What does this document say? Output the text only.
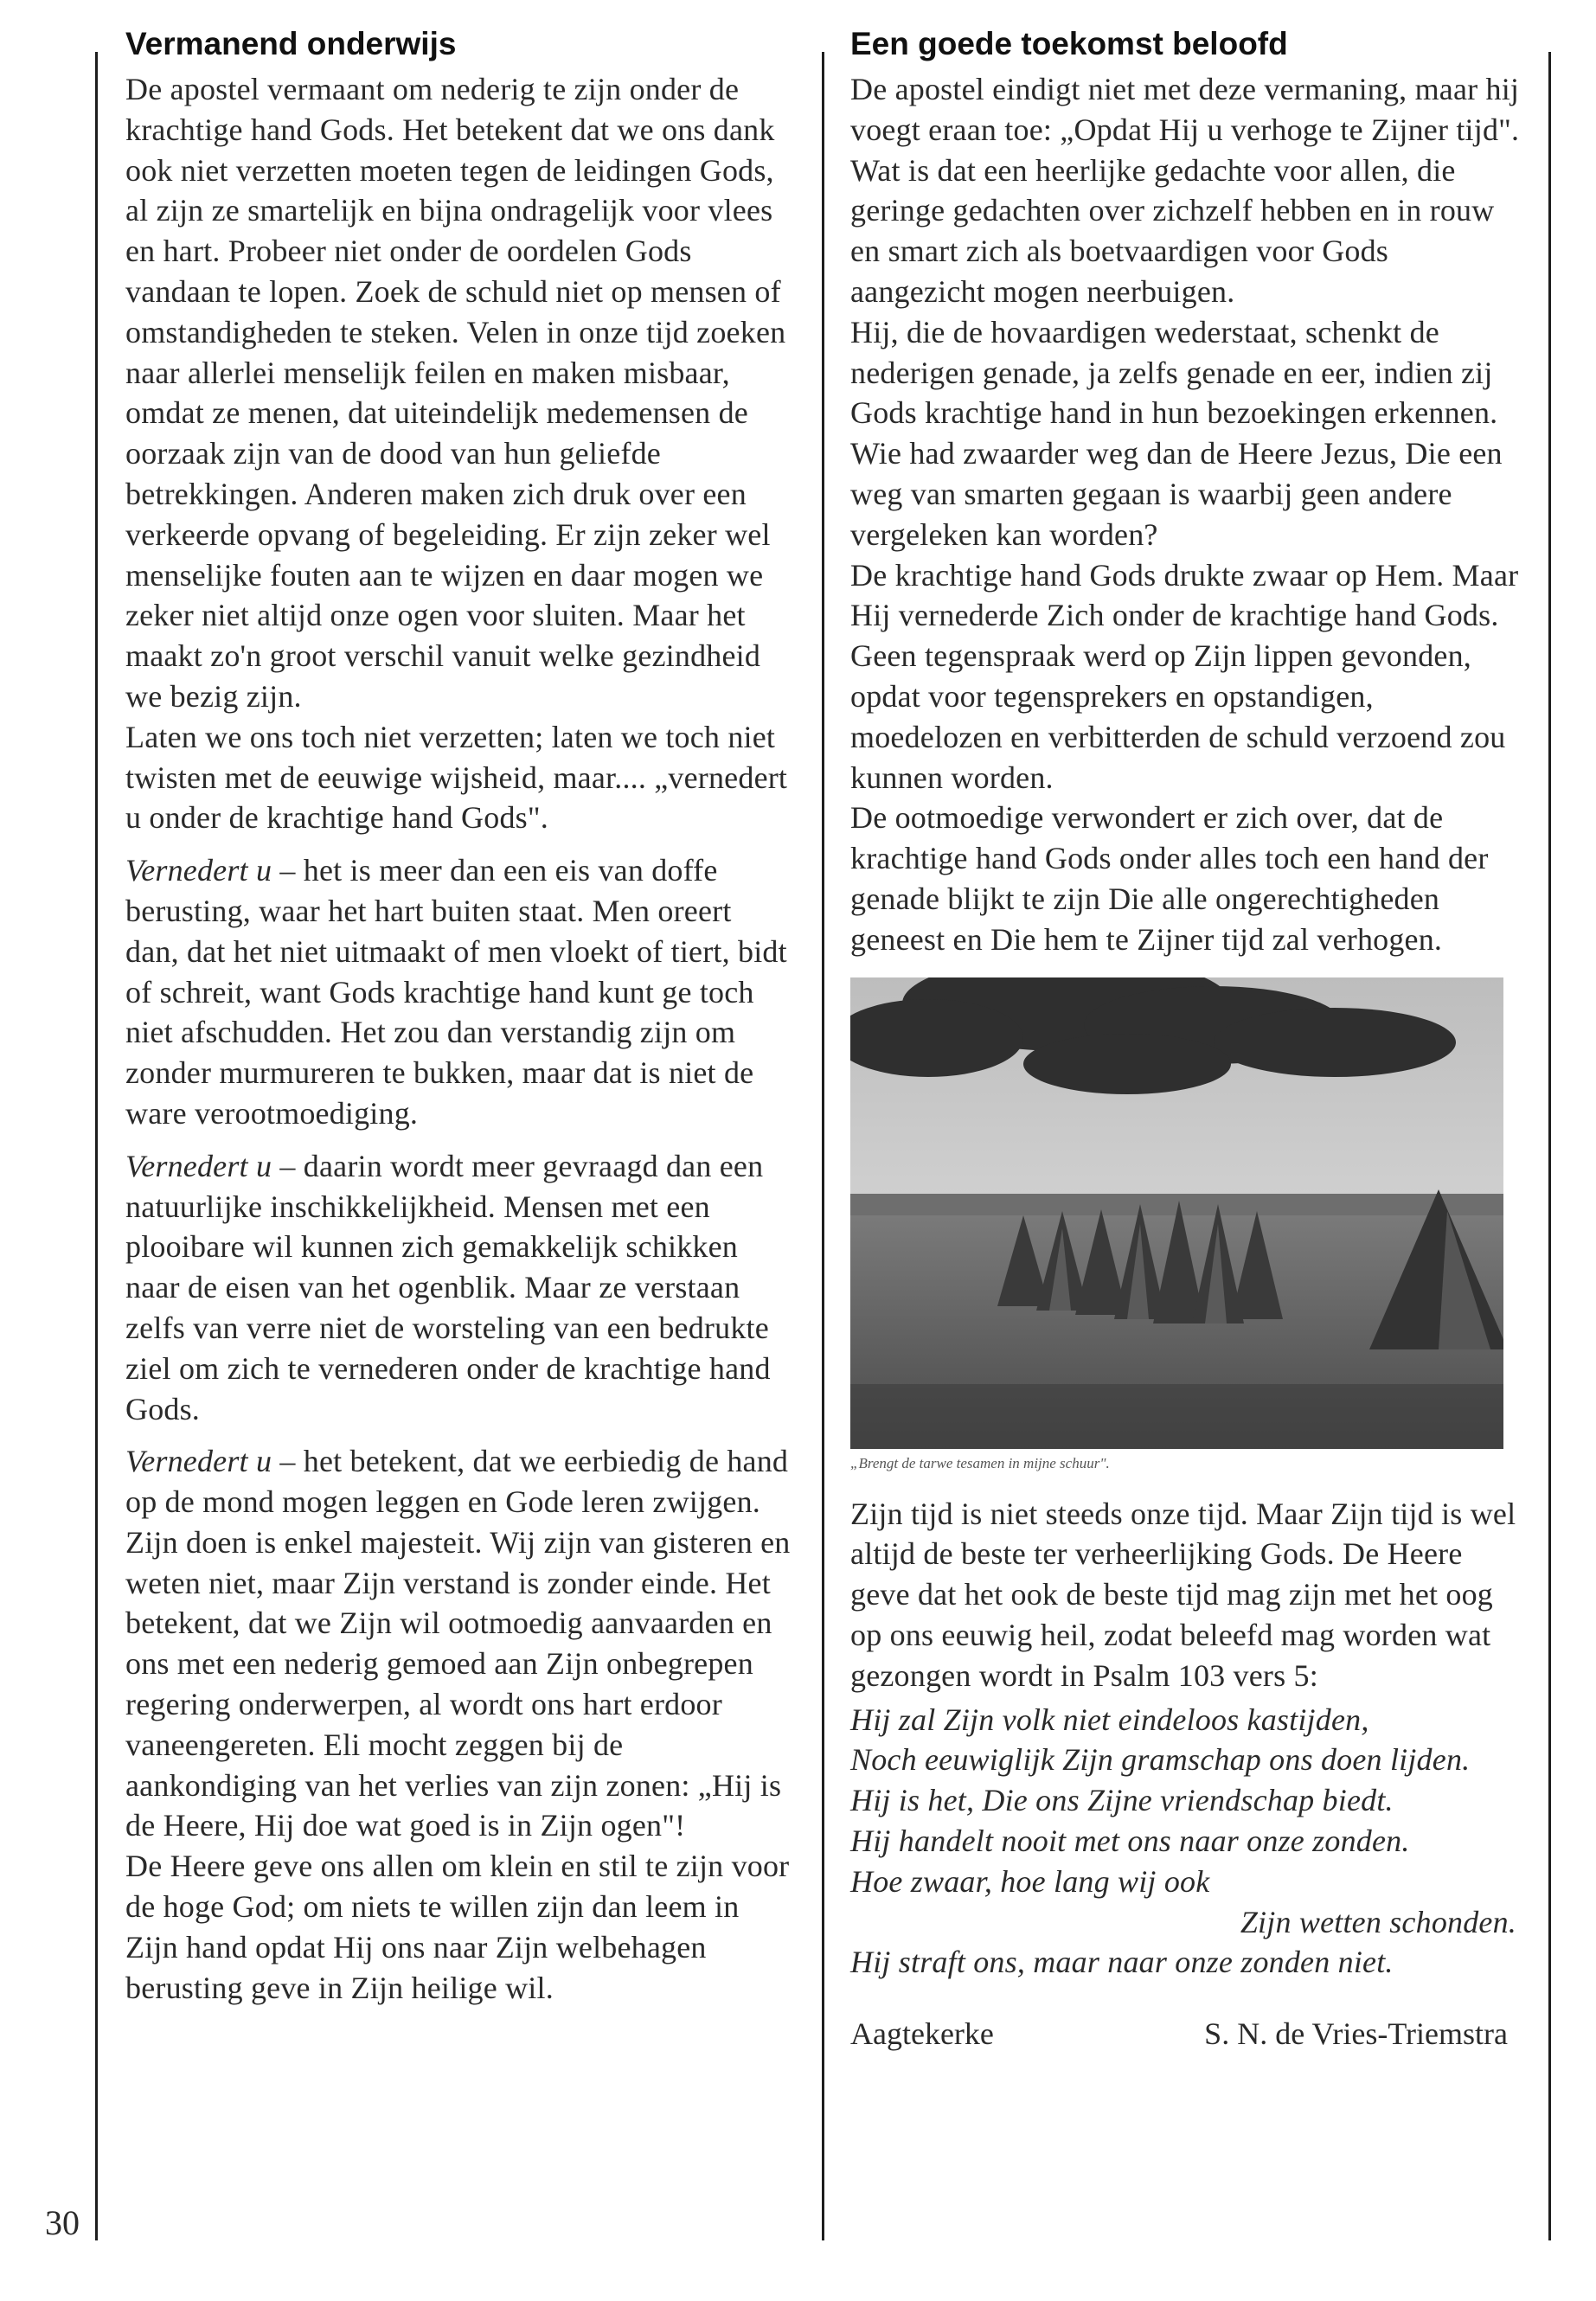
30
Vermanend onderwijs

De apostel vermaant om nederig te zijn onder de krachtige hand Gods. Het betekent dat we ons dank ook niet verzetten moeten tegen de leidingen Gods, al zijn ze smartelijk en bijna ondragelijk voor vlees en hart. Probeer niet onder de oordelen Gods vandaan te lopen. Zoek de schuld niet op mensen of omstandigheden te steken. Velen in onze tijd zoeken naar allerlei menselijk feilen en maken misbaar, omdat ze menen, dat uiteindelijk medemensen de oorzaak zijn van de dood van hun geliefde betrekkingen. Anderen maken zich druk over een verkeerde opvang of begeleiding. Er zijn zeker wel menselijke fouten aan te wijzen en daar mogen we zeker niet altijd onze ogen voor sluiten. Maar het maakt zo'n groot verschil vanuit welke gezindheid we bezig zijn.

Laten we ons toch niet verzetten; laten we toch niet twisten met de eeuwige wijsheid, maar.... „vernedert u onder de krachtige hand Gods".

Vernedert u – het is meer dan een eis van doffe berusting, waar het hart buiten staat. Men oreert dan, dat het niet uitmaakt of men vloekt of tiert, bidt of schreit, want Gods krachtige hand kunt ge toch niet afschudden. Het zou dan verstandig zijn om zonder murmureren te bukken, maar dat is niet de ware verootmoediging.

Vernedert u – daarin wordt meer gevraagd dan een natuurlijke inschikkelijkheid. Mensen met een plooibare wil kunnen zich gemakkelijk schikken naar de eisen van het ogenblik. Maar ze verstaan zelfs van verre niet de worsteling van een bedrukte ziel om zich te vernederen onder de krachtige hand Gods.

Vernedert u – het betekent, dat we eerbiedig de hand op de mond mogen leggen en Gode leren zwijgen. Zijn doen is enkel majesteit. Wij zijn van gisteren en weten niet, maar Zijn verstand is zonder einde. Het betekent, dat we Zijn wil ootmoedig aanvaarden en ons met een nederig gemoed aan Zijn onbegrepen regering onderwerpen, al wordt ons hart erdoor vaneengereten. Eli mocht zeggen bij de aankondiging van het verlies van zijn zonen: „Hij is de Heere, Hij doe wat goed is in Zijn ogen"!

De Heere geve ons allen om klein en stil te zijn voor de hoge God; om niets te willen zijn dan leem in Zijn hand opdat Hij ons naar Zijn welbehagen berusting geve in Zijn heilige wil.

Een goede toekomst beloofd

De apostel eindigt niet met deze vermaning, maar hij voegt eraan toe: „Opdat Hij u verhoge te Zijner tijd". Wat is dat een heerlijke gedachte voor allen, die geringe gedachten over zichzelf hebben en in rouw en smart zich als boetvaardigen voor Gods aangezicht mogen neerbuigen.

Hij, die de hovaardigen wederstaat, schenkt de nederigen genade, ja zelfs genade en eer, indien zij Gods krachtige hand in hun bezoekingen erkennen. Wie had zwaarder weg dan de Heere Jezus, Die een weg van smarten gegaan is waarbij geen andere vergeleken kan worden?

De krachtige hand Gods drukte zwaar op Hem. Maar Hij vernederde Zich onder de krachtige hand Gods. Geen tegenspraak werd op Zijn lippen gevonden, opdat voor tegensprekers en opstandigen, moedelozen en verbitterden de schuld verzoend zou kunnen worden.

De ootmoedige verwondert er zich over, dat de krachtige hand Gods onder alles toch een hand der genade blijkt te zijn Die alle ongerechtigheden geneest en Die hem te Zijner tijd zal verhogen.

„Brengt de tarwe tesamen in mijne schuur".

Zijn tijd is niet steeds onze tijd. Maar Zijn tijd is wel altijd de beste ter verheerlijking Gods. De Heere geve dat het ook de beste tijd mag zijn met het oog op ons eeuwig heil, zodat beleefd mag worden wat gezongen wordt in Psalm 103 vers 5:

Hij zal Zijn volk niet eindeloos kastijden,

Noch eeuwiglijk Zijn gramschap ons doen lijden.

Hij is het, Die ons Zijne vriendschap biedt.

Hij handelt nooit met ons naar onze zonden.

Hoe zwaar, hoe lang wij ook

Zijn wetten schonden.

Hij straft ons, maar naar onze zonden niet.

Aagtekerke	S. N. de Vries-Triemstra
